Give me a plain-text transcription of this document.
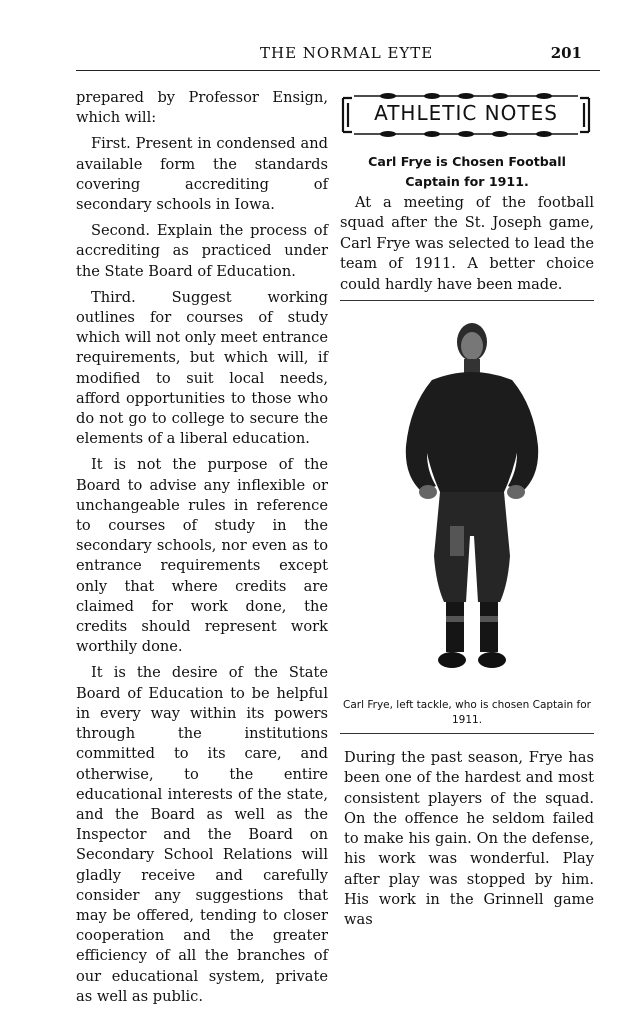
THE NORMAL EYTE	201

prepared by Professor Ensign, which will:

First. Present in condensed and available form the standards covering accrediting of secondary schools in Iowa.

Second. Explain the process of accrediting as practiced under the State Board of Education.

Third. Suggest working outlines for courses of study which will not only meet entrance requirements, but which will, if modified to suit local needs, afford opportunities to those who do not go to college to secure the elements of a liberal education.

It is not the purpose of the Board to advise any inflexible or unchangeable rules in reference to courses of study in the secondary schools, nor even as to entrance requirements except only that where credits are claimed for work done, the credits should represent work worthily done.

It is the desire of the State Board of Education to be helpful in every way within its powers through the institutions committed to its care, and otherwise, to the entire educational interests of the state, and the Board as well as the Inspector and the Board on Secondary School Relations will gladly receive and carefully consider any suggestions that may be offered, tending to closer cooperation and the greater efficiency of all the branches of our educational system, private as well as public.

ATHLETIC NOTES
Carl Frye is Chosen Football Captain for 1911.

At a meeting of the football squad after the St. Joseph game, Carl Frye was selected to lead the team of 1911. A better choice could hardly have been made.

Carl Frye, left tackle, who is chosen Captain for 1911.

During the past season, Frye has been one of the hardest and most consistent players of the squad. On the offence he seldom failed to make his gain. On the defense, his work was wonderful. Play after play was stopped by him. His work in the Grinnell game was
